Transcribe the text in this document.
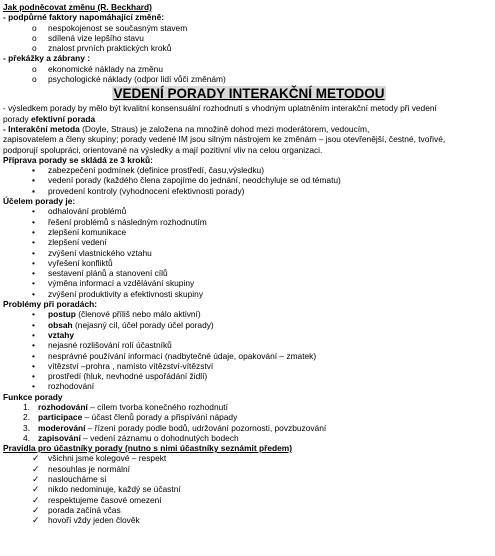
Jak podněcovat změnu (R. Beckhard)
- podpůrné faktory napomáhající změně:
o nespokojenost se současným stavem
o sdílená vize lepšího stavu
o znalost prvních praktických kroků
- překážky a zábrany :
o ekonomické náklady na změnu
o psychologické náklady (odpor lidí vůči změnám)
VEDENÍ PORADY INTERAKČNÍ METODOU
- výsledkem porady by mělo být kvalitní konsensuální rozhodnutí s vhodným uplatněním interakční metody při vedení
porady efektivní porada
- Interakční metoda (Doyle, Straus) je založena na množině dohod mezi moderátorem, vedoucím,
zapisovatelem a členy skupiny; porady vedené IM jsou silným nástrojem ke změnám – jsou otevřenější, čestné, tvořivé,
podporují spolupráci, orientované na výsledky a mají pozitivní vliv na celou organizaci.
Příprava porady se skládá ze 3 kroků:
▪ zabezpečení podmínek (definice prostředí, času,výsledku)
▪ vedení porady (každého člena zapojíme do jednání, neodchyluje se od tématu)
▪ provedení kontroly (vyhodnocení efektivnosti porady)
Účelem porady je:
• odhalování problémů
• řešení problémů s následným rozhodnutím
• zlepšení komunikace
• zlepšení vedení
• zvýšení vlastnického vztahu
• vyřešení konfliktů
• sestavení plánů a stanovení cílů
• výměna informací a vzdělávání skupiny
• zvýšení produktivity a efektivnosti skupiny
Problémy při poradách:
• postup (členové příliš nebo málo aktivní)
• obsah (nejasný cíl, účel porady účel porady)
• vztahy
• nejasné rozlišování rolí účastníků
• nesprávné používání informací (nadbytečné údaje, opakování – zmatek)
• vítězství –prohra , namísto vítězství-vítězství
• prostředí (hluk, nevhodné uspořádání židlí)
• rozhodování
Funkce porady
1. rozhodování – cílem tvorba konečného rozhodnutí
2. participace – účast členů porady a přispívání nápady
3. moderování – řízení porady podle bodů, udržování pozornosti, povzbuzování
4. zapisování – vedení záznamu o dohodnutých bodech
Pravidla pro účastníky porady (nutno s nimi účastníky seznámit předem)
✓ všichni jsme kolegové – respekt
✓ nesouhlas je normální
✓ nasloucháme si
✓ nikdo nedominuje, každý se účastní
✓ respektujeme časové omezení
✓ porada začíná včas
✓ hovoří vždy jeden člověk
